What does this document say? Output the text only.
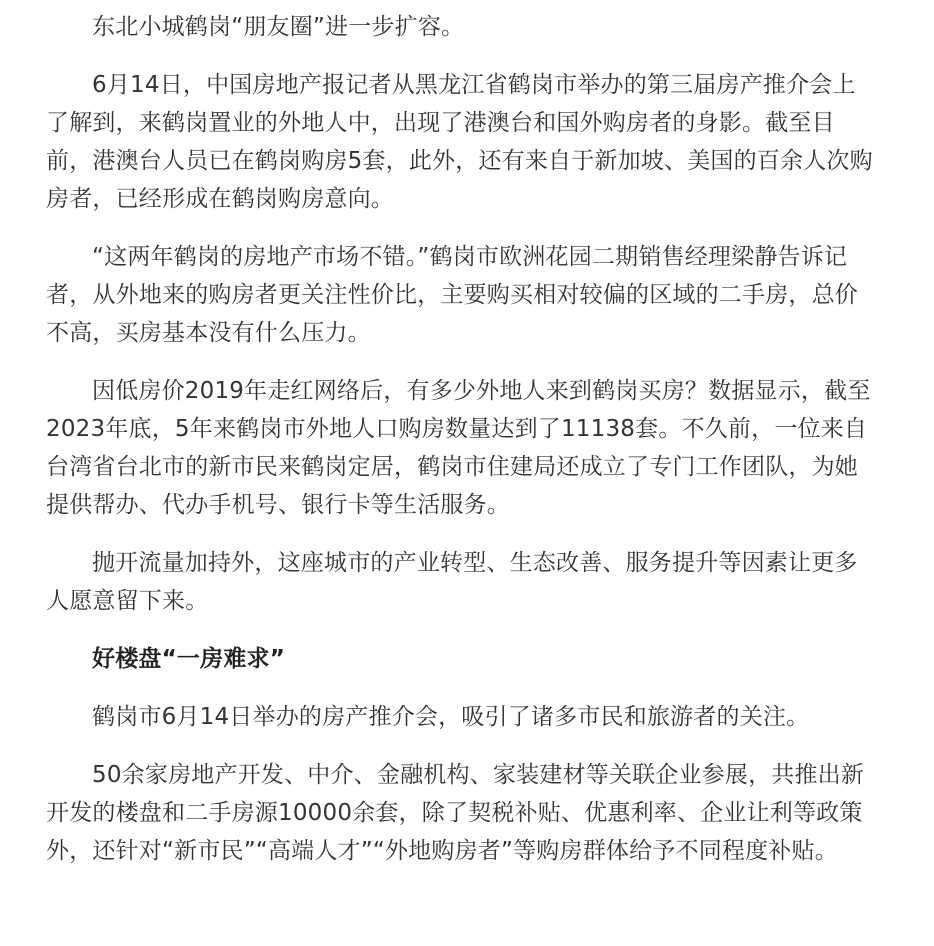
东北小城鹤岗“朋友圈”进一步扩容。

6月14日，中国房地产报记者从黑龙江省鹤岗市举办的第三届房产推介会上了解到，来鹤岗置业的外地人中，出现了港澳台和国外购房者的身影。截至目前，港澳台人员已在鹤岗购房5套，此外，还有来自于新加坡、美国的百余人次购房者，已经形成在鹤岗购房意向。

“这两年鹤岗的房地产市场不错。”鹤岗市欧洲花园二期销售经理梁静告诉记者，从外地来的购房者更关注性价比，主要购买相对较偏的区域的二手房，总价不高，买房基本没有什么压力。

因低房价2019年走红网络后，有多少外地人来到鹤岗买房？数据显示，截至2023年底，5年来鹤岗市外地人口购房数量达到了11138套。不久前，一位来自台湾省台北市的新市民来鹤岗定居，鹤岗市住建局还成立了专门工作团队，为她提供帮办、代办手机号、银行卡等生活服务。

抛开流量加持外，这座城市的产业转型、生态改善、服务提升等因素让更多人愿意留下来。

好楼盘“一房难求”

鹤岗市6月14日举办的房产推介会，吸引了诸多市民和旅游者的关注。

50余家房地产开发、中介、金融机构、家装建材等关联企业参展，共推出新开发的楼盘和二手房源10000余套，除了契税补贴、优惠利率、企业让利等政策外，还针对“新市民”“高端人才”“外地购房者”等购房群体给予不同程度补贴。
